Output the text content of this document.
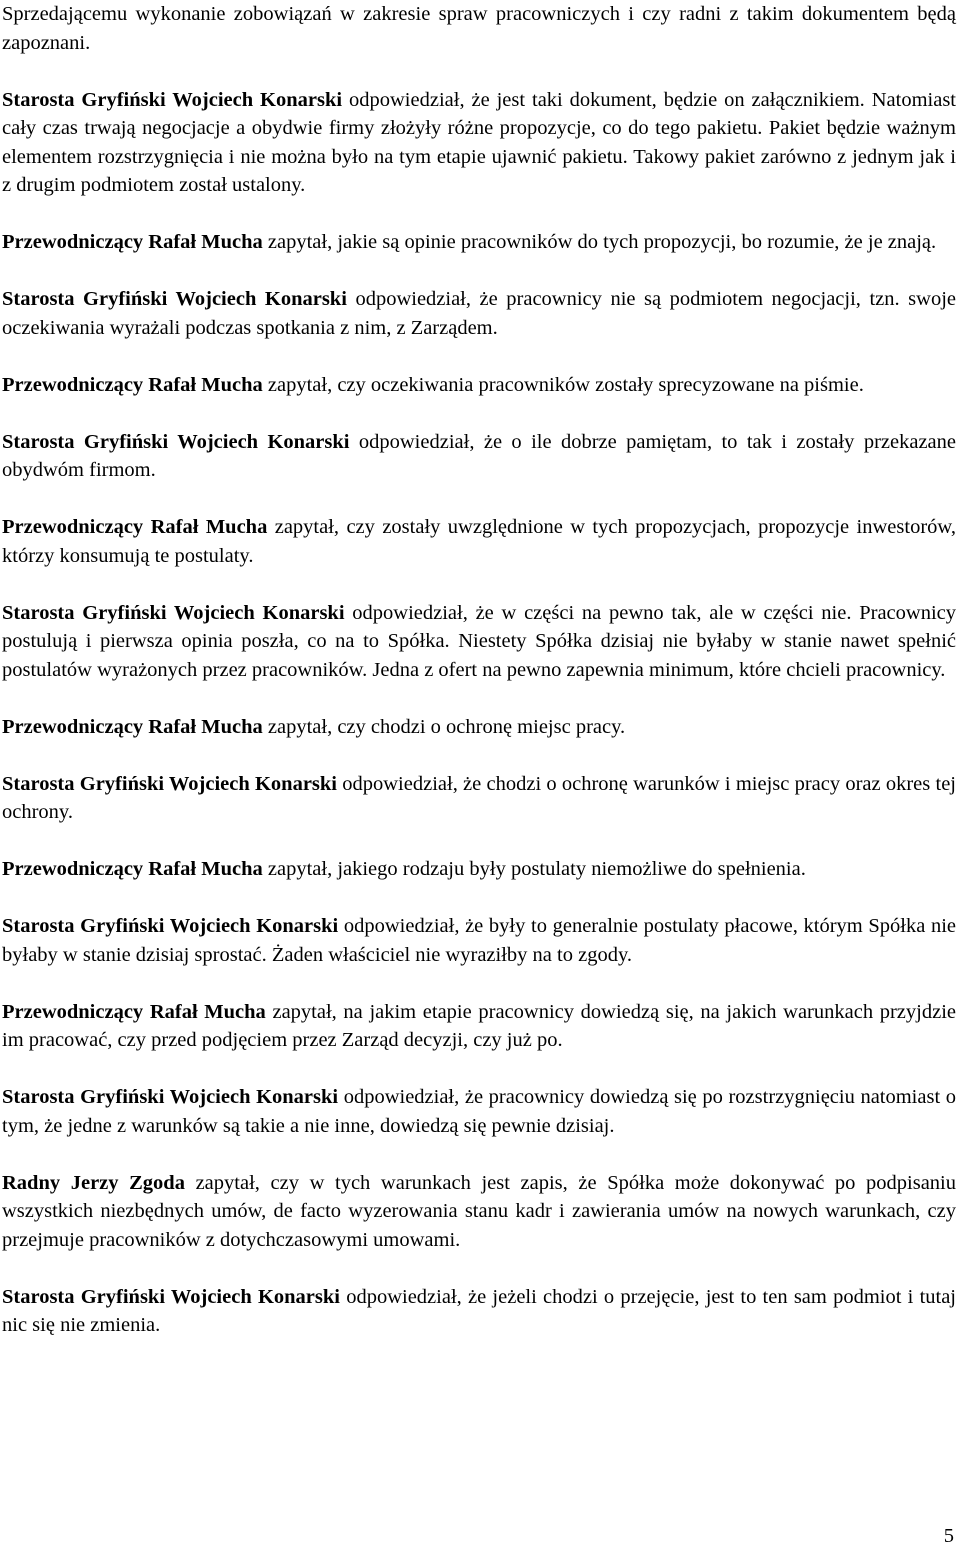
Sprzedającemu wykonanie zobowiązań w zakresie spraw pracowniczych i czy radni z takim dokumentem będą zapoznani.

Starosta Gryfiński Wojciech Konarski odpowiedział, że jest taki dokument, będzie on załącznikiem. Natomiast cały czas trwają negocjacje a obydwie firmy złożyły różne propozycje, co do tego pakietu. Pakiet będzie ważnym elementem rozstrzygnięcia i nie można było na tym etapie ujawnić pakietu. Takowy pakiet zarówno z jednym jak i z drugim podmiotem został ustalony.

Przewodniczący Rafał Mucha zapytał, jakie są opinie pracowników do tych propozycji, bo rozumie, że je znają.

Starosta Gryfiński Wojciech Konarski odpowiedział, że pracownicy nie są podmiotem negocjacji, tzn. swoje oczekiwania wyrażali podczas spotkania z nim, z Zarządem.

Przewodniczący Rafał Mucha zapytał, czy oczekiwania pracowników zostały sprecyzowane na piśmie.

Starosta Gryfiński Wojciech Konarski odpowiedział, że o ile dobrze pamiętam, to tak i zostały przekazane obydwóm firmom.

Przewodniczący Rafał Mucha zapytał, czy zostały uwzględnione w tych propozycjach, propozycje inwestorów, którzy konsumują te postulaty.

Starosta Gryfiński Wojciech Konarski odpowiedział, że w części na pewno tak, ale w części nie. Pracownicy postulują i pierwsza opinia poszła, co na to Spółka. Niestety Spółka dzisiaj nie byłaby w stanie nawet spełnić postulatów wyrażonych przez pracowników. Jedna z ofert na pewno zapewnia minimum, które chcieli pracownicy.

Przewodniczący Rafał Mucha zapytał, czy chodzi o ochronę miejsc pracy.

Starosta Gryfiński Wojciech Konarski odpowiedział, że chodzi o ochronę warunków i miejsc pracy oraz okres tej ochrony.

Przewodniczący Rafał Mucha zapytał, jakiego rodzaju były postulaty niemożliwe do spełnienia.

Starosta Gryfiński Wojciech Konarski odpowiedział, że były to generalnie postulaty płacowe, którym Spółka nie byłaby w stanie dzisiaj sprostać. Żaden właściciel nie wyraziłby na to zgody.

Przewodniczący Rafał Mucha zapytał, na jakim etapie pracownicy dowiedzą się, na jakich warunkach przyjdzie im pracować, czy przed podjęciem przez Zarząd decyzji, czy już po.

Starosta Gryfiński Wojciech Konarski odpowiedział, że pracownicy dowiedzą się po rozstrzygnięciu natomiast o tym, że jedne z warunków są takie a nie inne, dowiedzą się pewnie dzisiaj.

Radny Jerzy Zgoda zapytał, czy w tych warunkach jest zapis, że Spółka może dokonywać po podpisaniu wszystkich niezbędnych umów, de facto wyzerowania stanu kadr i zawierania umów na nowych warunkach, czy przejmuje pracowników z dotychczasowymi umowami.

Starosta Gryfiński Wojciech Konarski odpowiedział, że jeżeli chodzi o przejęcie, jest to ten sam podmiot i tutaj nic się nie zmienia.

5
